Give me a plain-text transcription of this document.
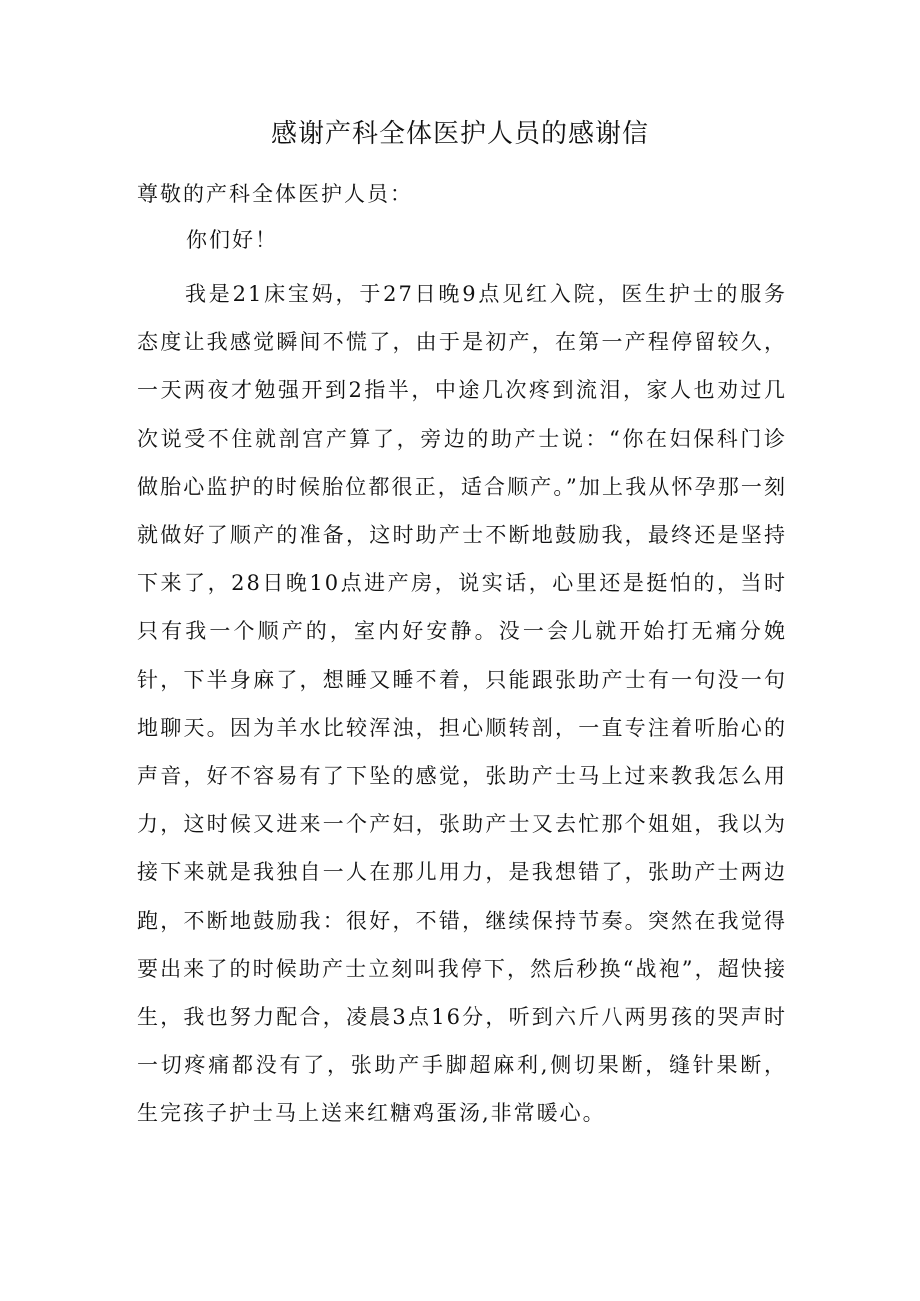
感谢产科全体医护人员的感谢信

尊敬的产科全体医护人员：

你们好！

我是21床宝妈，于27日晚9点见红入院，医生护士的服务态度让我感觉瞬间不慌了，由于是初产，在第一产程停留较久，一天两夜才勉强开到2指半，中途几次疼到流泪，家人也劝过几次说受不住就剖宫产算了，旁边的助产士说：“你在妇保科门诊做胎心监护的时候胎位都很正，适合顺产。”加上我从怀孕那一刻就做好了顺产的准备，这时助产士不断地鼓励我，最终还是坚持下来了，28日晚10点进产房，说实话，心里还是挺怕的，当时只有我一个顺产的，室内好安静。没一会儿就开始打无痛分娩针，下半身麻了，想睡又睡不着，只能跟张助产士有一句没一句地聊天。因为羊水比较浑浊，担心顺转剖，一直专注着听胎心的声音，好不容易有了下坠的感觉，张助产士马上过来教我怎么用力，这时候又进来一个产妇，张助产士又去忙那个姐姐，我以为接下来就是我独自一人在那儿用力，是我想错了，张助产士两边跑，不断地鼓励我：很好，不错，继续保持节奏。突然在我觉得要出来了的时候助产士立刻叫我停下，然后秒换“战袍”，超快接生，我也努力配合，凌晨3点16分，听到六斤八两男孩的哭声时一切疼痛都没有了，张助产手脚超麻利,侧切果断，缝针果断，生完孩子护士马上送来红糖鸡蛋汤,非常暖心。
